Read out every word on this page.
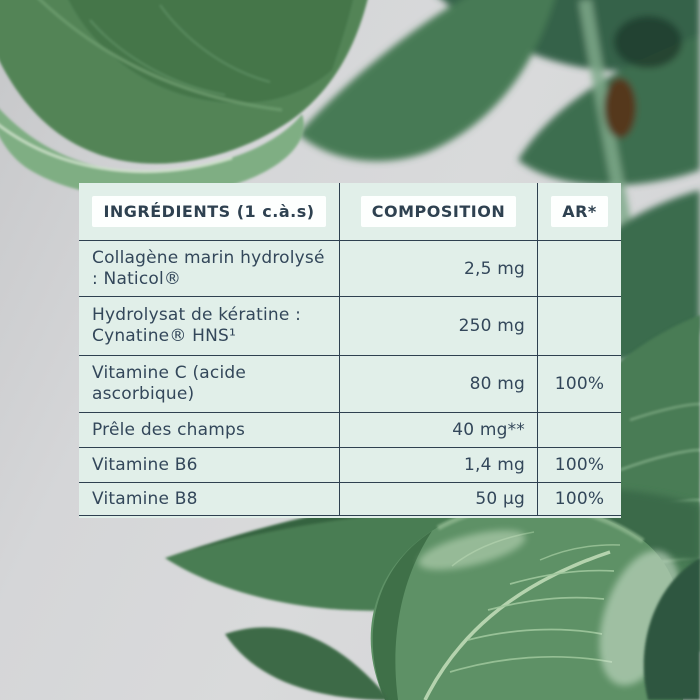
INGRÉDIENTS (1 c.à.s)	COMPOSITION	AR*
Collagène marin hydrolysé : Naticol®	2,5 mg
Hydrolysat de kératine : Cynatine® HNS¹	250 mg
Vitamine C (acide ascorbique)	80 mg	100%
Prêle des champs	40 mg**
Vitamine B6	1,4 mg	100%
Vitamine B8	50 µg	100%
